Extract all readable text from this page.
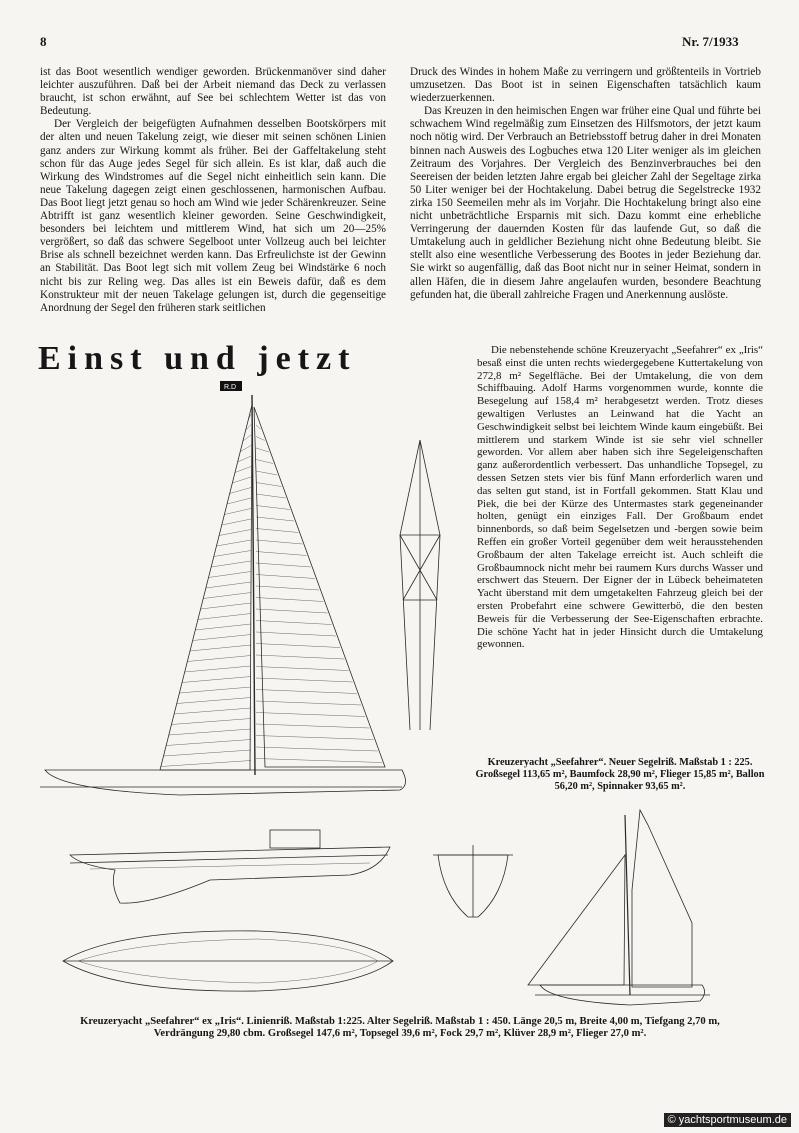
8	Nr. 7/1933

ist das Boot wesentlich wendiger geworden. Brückenmanöver sind daher leichter auszuführen. Daß bei der Arbeit niemand das Deck zu verlassen braucht, ist schon erwähnt, auf See bei schlechtem Wetter ist das von Bedeutung.

Der Vergleich der beigefügten Aufnahmen desselben Bootskörpers mit der alten und neuen Takelung zeigt, wie dieser mit seinen schönen Linien ganz anders zur Wirkung kommt als früher. Bei der Gaffeltakelung steht schon für das Auge jedes Segel für sich allein. Es ist klar, daß auch die Wirkung des Windstromes auf die Segel nicht einheitlich sein kann. Die neue Takelung dagegen zeigt einen geschlossenen, harmonischen Aufbau. Das Boot liegt jetzt genau so hoch am Wind wie jeder Schärenkreuzer. Seine Abtrifft ist ganz wesentlich kleiner geworden. Seine Geschwindigkeit, besonders bei leichtem und mittlerem Wind, hat sich um 20—25% vergrößert, so daß das schwere Segelboot unter Vollzeug auch bei leichter Brise als schnell bezeichnet werden kann. Das Erfreulichste ist der Gewinn an Stabilität. Das Boot legt sich mit vollem Zeug bei Windstärke 6 noch nicht bis zur Reling weg. Das alles ist ein Beweis dafür, daß es dem Konstrukteur mit der neuen Takelage gelungen ist, durch die gegenseitige Anordnung der Segel den früheren stark seitlichen

Druck des Windes in hohem Maße zu verringern und größtenteils in Vortrieb umzusetzen. Das Boot ist in seinen Eigenschaften tatsächlich kaum wiederzuerkennen.

Das Kreuzen in den heimischen Engen war früher eine Qual und führte bei schwachem Wind regelmäßig zum Einsetzen des Hilfsmotors, der jetzt kaum noch nötig wird. Der Verbrauch an Betriebsstoff betrug daher in drei Monaten binnen nach Ausweis des Logbuches etwa 120 Liter weniger als im gleichen Zeitraum des Vorjahres. Der Vergleich des Benzinverbrauches bei den Seereisen der beiden letzten Jahre ergab bei gleicher Zahl der Segeltage zirka 50 Liter weniger bei der Hochtakelung. Dabei betrug die Segelstrecke 1932 zirka 150 Seemeilen mehr als im Vorjahr. Die Hochtakelung bringt also eine nicht unbeträchtliche Ersparnis mit sich. Dazu kommt eine erhebliche Verringerung der dauernden Kosten für das laufende Gut, so daß die Umtakelung auch in geldlicher Beziehung nicht ohne Bedeutung bleibt. Sie stellt also eine wesentliche Verbesserung des Bootes in jeder Beziehung dar. Sie wirkt so augenfällig, daß das Boot nicht nur in seiner Heimat, sondern in allen Häfen, die in diesem Jahre angelaufen wurden, besondere Beachtung gefunden hat, die überall zahlreiche Fragen und Anerkennung auslöste.

Einst und jetzt	Die nebenstehende schöne Kreuzeryacht „Seefahrer“ ex „Iris“ besaß einst die unten rechts wiedergegebene Kuttertakelung von 272,8 m² Segelfläche. Bei der Umtakelung, die von dem Schiffbauing. Adolf Harms vorgenommen wurde, konnte die Besegelung auf 158,4 m² herabgesetzt werden. Trotz dieses gewaltigen Verlustes an Leinwand hat die Yacht an Geschwindigkeit selbst bei leichtem Winde kaum eingebüßt. Bei mittlerem und starkem Winde ist sie sehr viel schneller geworden. Vor allem aber haben sich ihre Segeleigenschaften ganz außerordentlich verbessert. Das unhandliche Topsegel, zu dessen Setzen stets vier bis fünf Mann erforderlich waren und das selten gut stand, ist in Fortfall gekommen. Statt Klau und Piek, die bei der Kürze des Untermastes stark gegeneinander holten, genügt ein einziges Fall. Der Großbaum endet binnenbords, so daß beim Segelsetzen und -bergen sowie beim Reffen ein großer Vorteil gegenüber dem weit herausstehenden Großbaum der alten Takelage erreicht ist. Auch schleift die Großbaumnock nicht mehr bei raumem Kurs durchs Wasser und erschwert das Steuern. Der Eigner der in Lübeck beheimateten Yacht überstand mit dem umgetakelten Fahrzeug gleich bei der ersten Probefahrt eine schwere Gewitterbö, die den besten Beweis für die Verbesserung der See-Eigenschaften erbrachte. Die schöne Yacht hat in jeder Hinsicht durch die Umtakelung gewonnen.

R.D
Kreuzeryacht „Seefahrer“. Neuer Segelriß. Maßstab 1 : 225. Großsegel 113,65 m², Baumfock 28,90 m², Flieger 15,85 m², Ballon 56,20 m², Spinnaker 93,65 m².
Kreuzeryacht „Seefahrer“ ex „Iris“. Linienriß. Maßstab 1:225. Alter Segelriß. Maßstab 1 : 450. Länge 20,5 m, Breite 4,00 m, Tiefgang 2,70 m, Verdrängung 29,80 cbm. Großsegel 147,6 m², Topsegel 39,6 m², Fock 29,7 m², Klüver 28,9 m², Flieger 27,0 m².
© yachtsportmuseum.de
